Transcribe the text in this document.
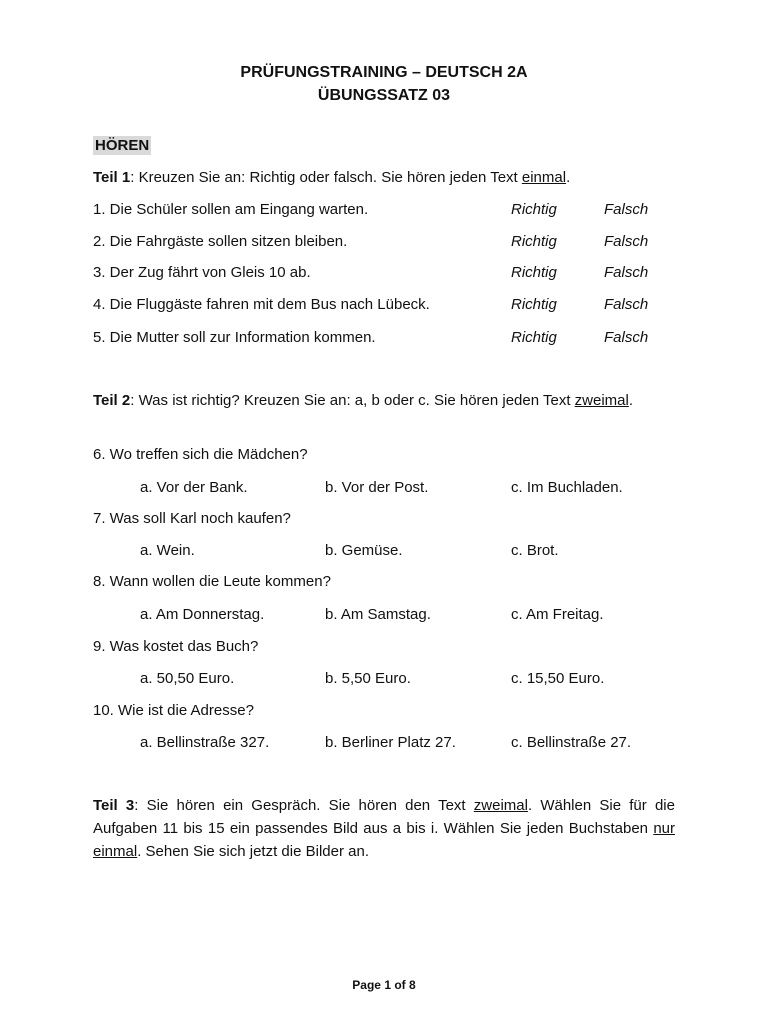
PRÜFUNGSTRAINING – DEUTSCH 2A
ÜBUNGSSATZ 03
HÖREN
Teil 1: Kreuzen Sie an: Richtig oder falsch. Sie hören jeden Text einmal.
1. Die Schüler sollen am Eingang warten.	Richtig	Falsch
2. Die Fahrgäste sollen sitzen bleiben.	Richtig	Falsch
3. Der Zug fährt von Gleis 10 ab.	Richtig	Falsch
4. Die Fluggäste fahren mit dem Bus nach Lübeck.	Richtig	Falsch
5. Die Mutter soll zur Information kommen.	Richtig	Falsch
Teil 2: Was ist richtig? Kreuzen Sie an: a, b oder c. Sie hören jeden Text zweimal.
6. Wo treffen sich die Mädchen?
a. Vor der Bank.	b. Vor der Post.	c. Im Buchladen.
7. Was soll Karl noch kaufen?
a. Wein.	b. Gemüse.	c. Brot.
8. Wann wollen die Leute kommen?
a. Am Donnerstag.	b. Am Samstag.	c. Am Freitag.
9. Was kostet das Buch?
a. 50,50 Euro.	b. 5,50 Euro.	c. 15,50 Euro.
10. Wie ist die Adresse?
a. Bellinstraße 327.	b. Berliner Platz 27.	c. Bellinstraße 27.
Teil 3: Sie hören ein Gespräch. Sie hören den Text zweimal. Wählen Sie für die Aufgaben 11 bis 15 ein passendes Bild aus a bis i. Wählen Sie jeden Buchstaben nur einmal. Sehen Sie sich jetzt die Bilder an.
Page 1 of 8
